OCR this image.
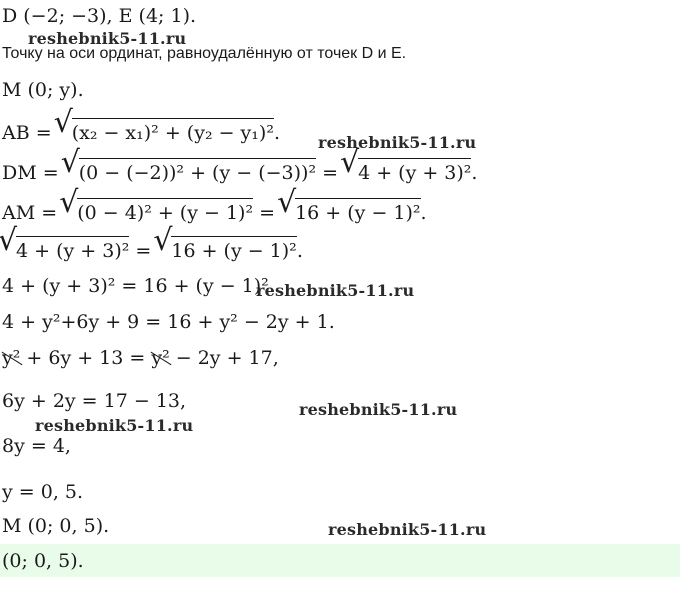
D (−2; −3), E (4; 1).
Точку на оси ординат, равноудалённую от точек D и E.
M (0; y).
AB = √ (x₂ − x₁)² + (y₂ − y₁)².
DM = √ (0 − (−2))² + (y − (−3))² = √ 4 + (y + 3)².
AM = √ (0 − 4)² + (y − 1)² = √ 16 + (y − 1)².
√ 4 + (y + 3)² = √ 16 + (y − 1)².
4 + (y + 3)² = 16 + (y − 1)²
4 + y²+6y + 9 = 16 + y² − 2y + 1.
y² + 6y + 13 = y² − 2y + 17,
6y + 2y = 17 − 13,
8y = 4,
y = 0, 5.
M (0; 0, 5).
(0; 0, 5).
reshebnik5-11.ru
reshebnik5-11.ru
reshebnik5-11.ru
reshebnik5-11.ru
reshebnik5-11.ru
reshebnik5-11.ru
